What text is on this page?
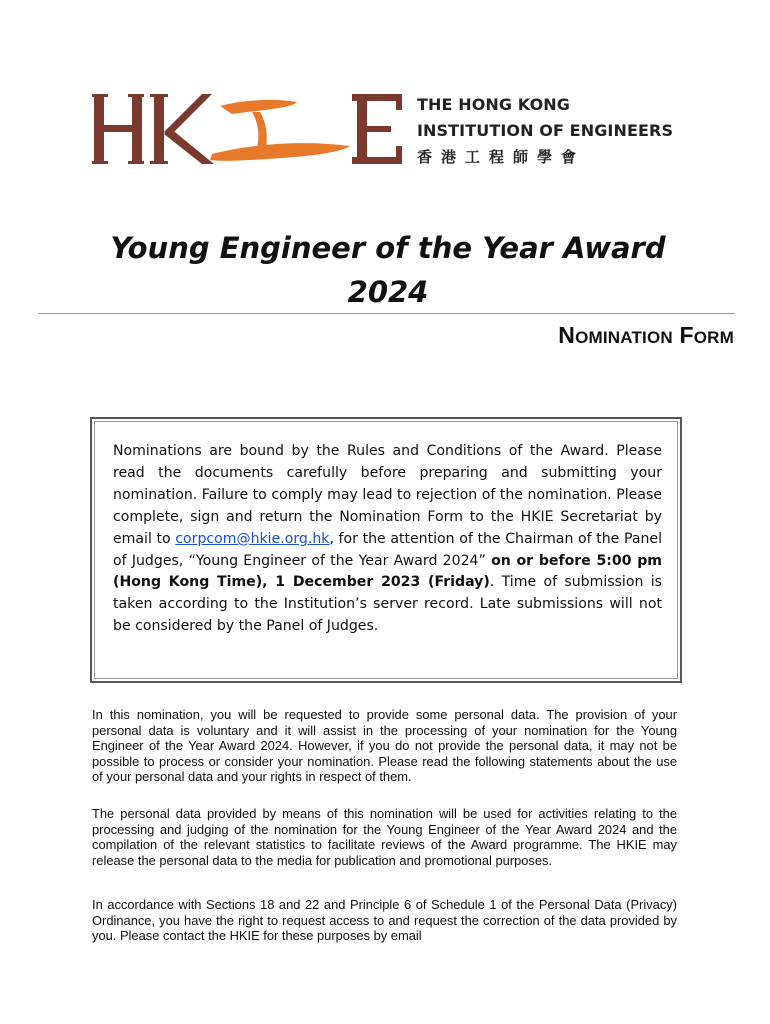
THE HONG KONG
INSTITUTION OF ENGINEERS
香港工程師學會
Young Engineer of the Year Award
2024
NOMINATION FORM
Nominations are bound by the Rules and Conditions of the Award. Please read the documents carefully before preparing and submitting your nomination. Failure to comply may lead to rejection of the nomination. Please complete, sign and return the Nomination Form to the HKIE Secretariat by email to corpcom@hkie.org.hk, for the attention of the Chairman of the Panel of Judges, “Young Engineer of the Year Award 2024” on or before 5:00 pm (Hong Kong Time), 1 December 2023 (Friday). Time of submission is taken according to the Institution’s server record. Late submissions will not be considered by the Panel of Judges.
In this nomination, you will be requested to provide some personal data. The provision of your personal data is voluntary and it will assist in the processing of your nomination for the Young Engineer of the Year Award 2024. However, if you do not provide the personal data, it may not be possible to process or consider your nomination. Please read the following statements about the use of your personal data and your rights in respect of them.
The personal data provided by means of this nomination will be used for activities relating to the processing and judging of the nomination for the Young Engineer of the Year Award 2024 and the compilation of the relevant statistics to facilitate reviews of the Award programme. The HKIE may release the personal data to the media for publication and promotional purposes.
In accordance with Sections 18 and 22 and Principle 6 of Schedule 1 of the Personal Data (Privacy) Ordinance, you have the right to request access to and request the correction of the data provided by you. Please contact the HKIE for these purposes by email
